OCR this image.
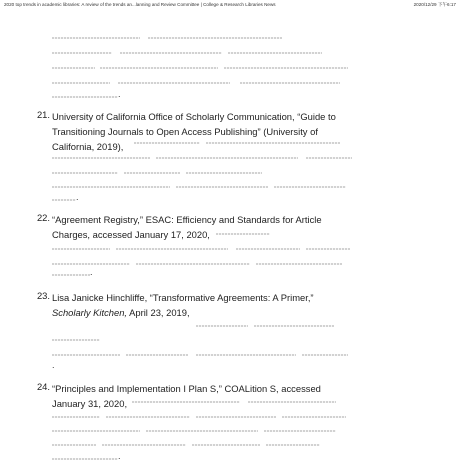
2020 top trends in academic libraries: A review of the trends an...lanning and Review Committee | College & Research Libraries News	2020/12/29 下午6:17
.
.
.
.
.
21. University of California Office of Scholarly Communication, “Guide to
Transitioning Journals to Open Access Publishing” (University of
California, 2019),
22. “Agreement Registry,” ESAC: Efficiency and Standards for Article
Charges, accessed January 17, 2020,
23. Lisa Janicke Hinchliffe, “Transformative Agreements: A Primer,”
Scholarly Kitchen, April 23, 2019,
24. “Principles and Implementation I Plan S,” COALition S, accessed
January 31, 2020,
